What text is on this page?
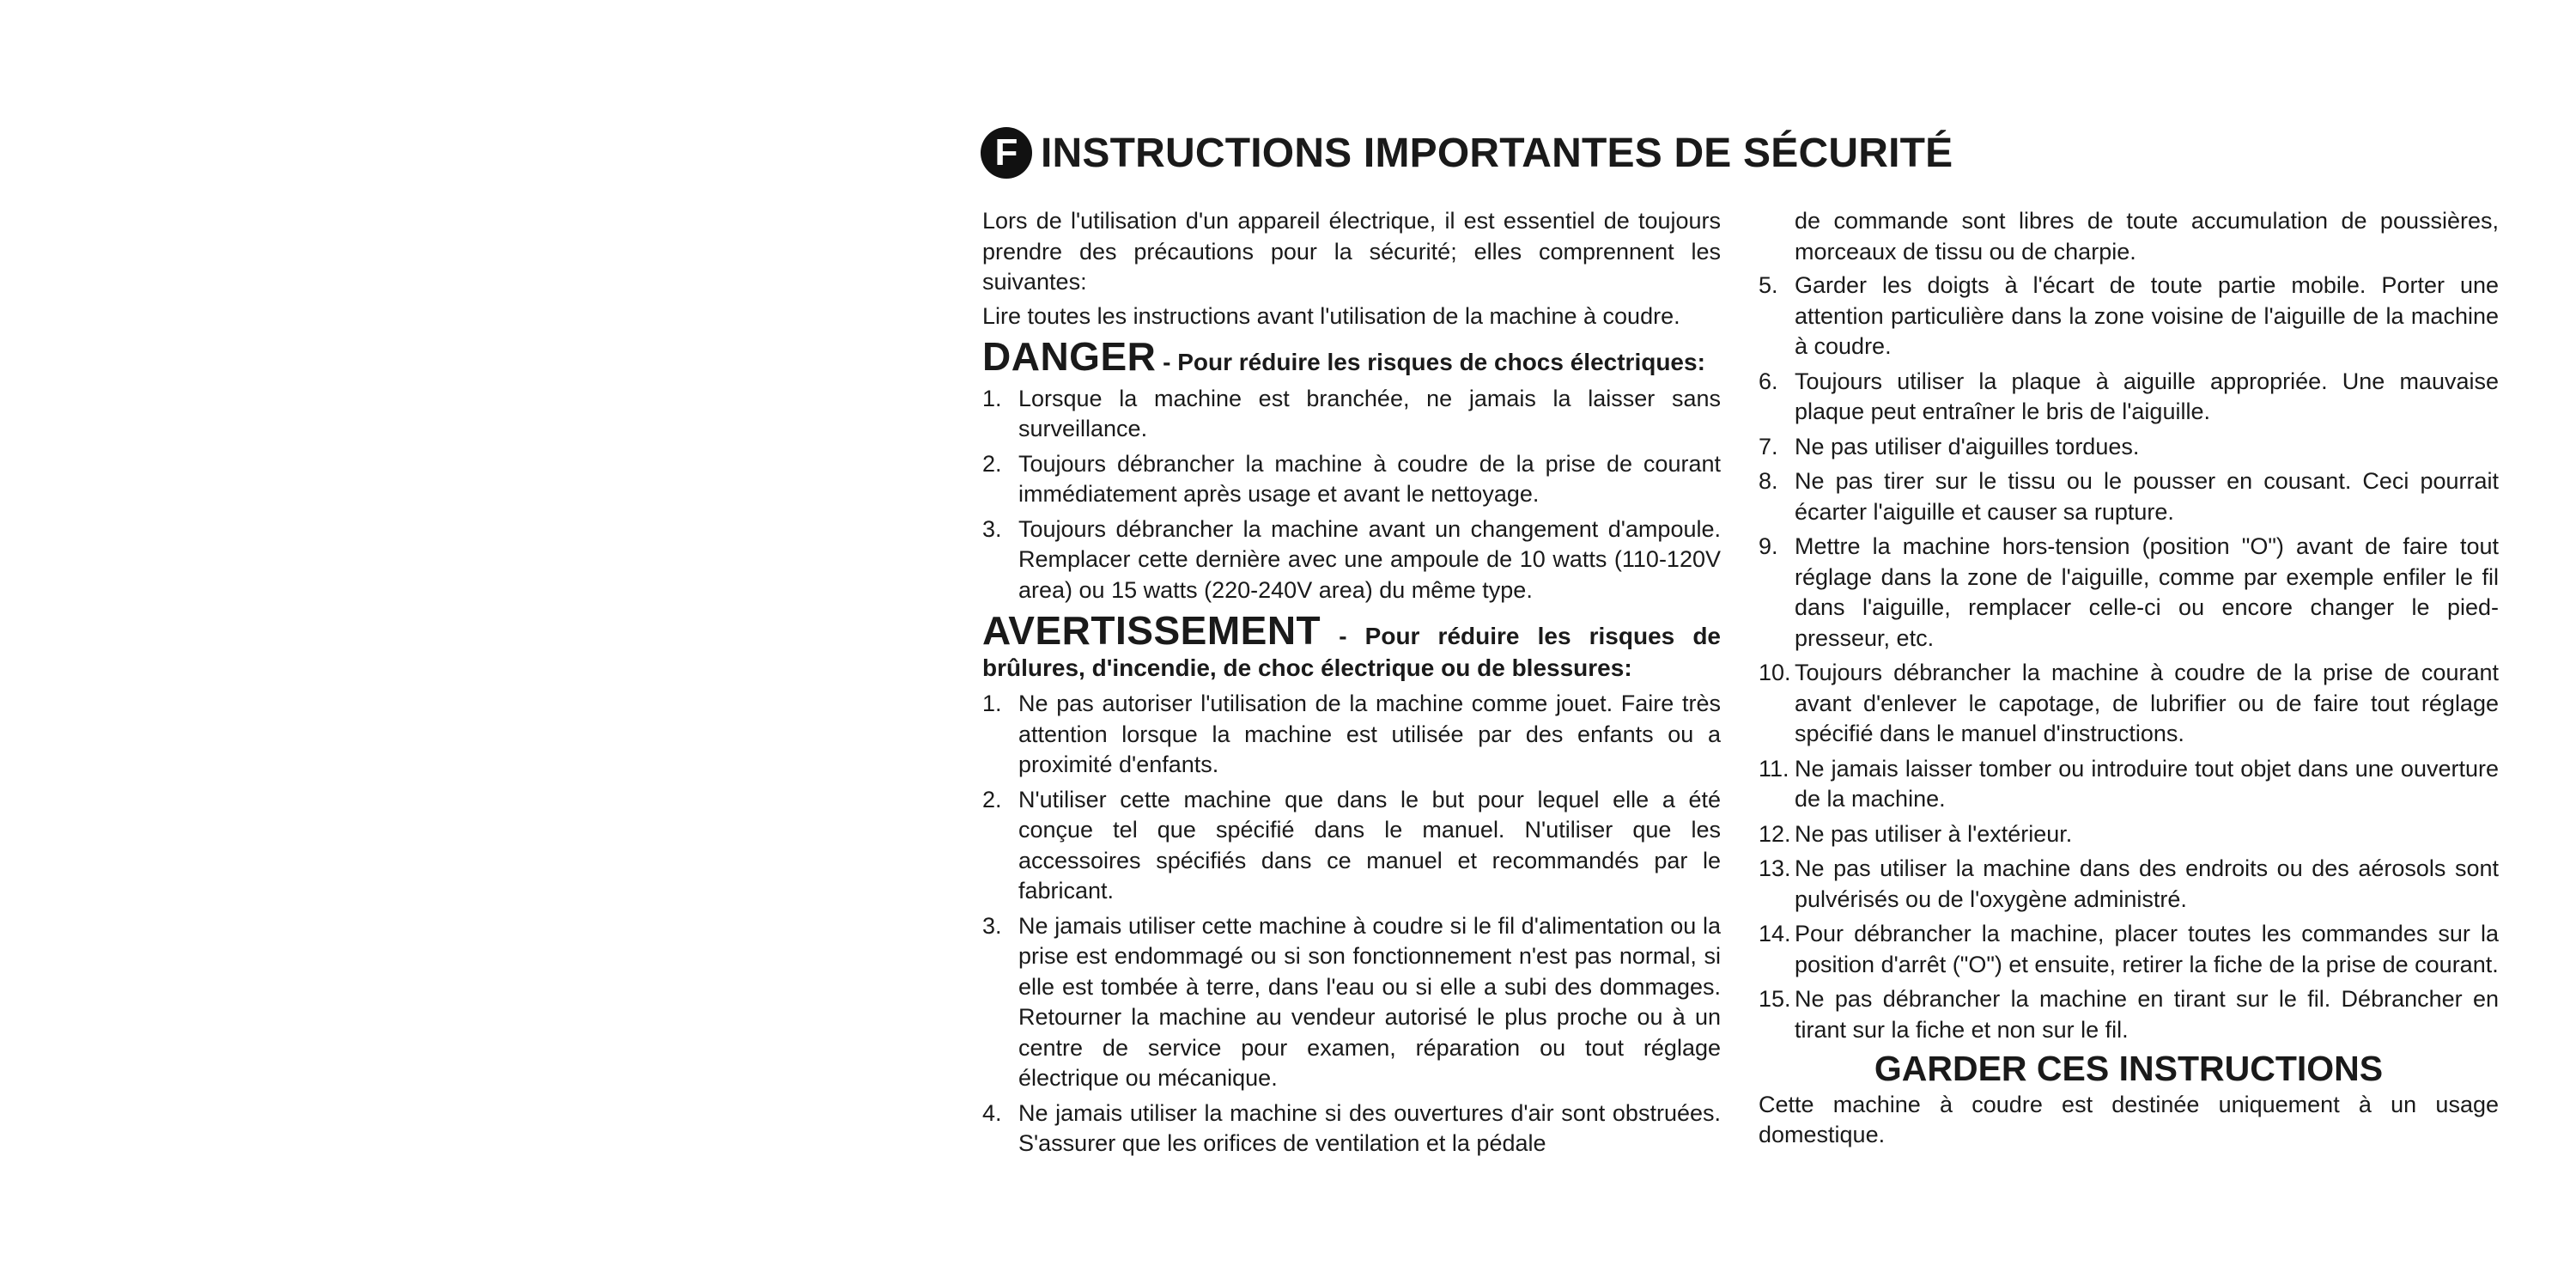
F INSTRUCTIONS IMPORTANTES DE SÉCURITÉ

Lors de l'utilisation d'un appareil électrique, il est essentiel de toujours prendre des précautions pour la sécurité; elles comprennent les suivantes:

Lire toutes les instructions avant l'utilisation de la machine à coudre.

DANGER - Pour réduire les risques de chocs électriques:
1. Lorsque la machine est branchée, ne jamais la laisser sans surveillance.
2. Toujours débrancher la machine à coudre de la prise de courant immédiatement après usage et avant le nettoyage.
3. Toujours débrancher la machine avant un changement d'ampoule. Remplacer cette dernière avec une ampoule de 10 watts (110-120V area) ou 15 watts (220-240V area) du même type.
AVERTISSEMENT - Pour réduire les risques de brûlures, d'incendie, de choc électrique ou de blessures:
1. Ne pas autoriser l'utilisation de la machine comme jouet. Faire très attention lorsque la machine est utilisée par des enfants ou a proximité d'enfants.
2. N'utiliser cette machine que dans le but pour lequel elle a été conçue tel que spécifié dans le manuel. N'utiliser que les accessoires spécifiés dans ce manuel et recommandés par le fabricant.
3. Ne jamais utiliser cette machine à coudre si le fil d'alimentation ou la prise est endommagé ou si son fonctionnement n'est pas normal, si elle est tombée à terre, dans l'eau ou si elle a subi des dommages. Retourner la machine au vendeur autorisé le plus proche ou à un centre de service pour examen, réparation ou tout réglage électrique ou mécanique.
4. Ne jamais utiliser la machine si des ouvertures d'air sont obstruées. S'assurer que les orifices de ventilation et la pédale

de commande sont libres de toute accumulation de poussières, morceaux de tissu ou de charpie.

5. Garder les doigts à l'écart de toute partie mobile. Porter une attention particulière dans la zone voisine de l'aiguille de la machine à coudre.
6. Toujours utiliser la plaque à aiguille appropriée. Une mauvaise plaque peut entraîner le bris de l'aiguille.
7. Ne pas utiliser d'aiguilles tordues.
8. Ne pas tirer sur le tissu ou le pousser en cousant. Ceci pourrait écarter l'aiguille et causer sa rupture.
9. Mettre la machine hors-tension (position "O") avant de faire tout réglage dans la zone de l'aiguille, comme par exemple enfiler le fil dans l'aiguille, remplacer celle-ci ou encore changer le pied-presseur, etc.
10. Toujours débrancher la machine à coudre de la prise de courant avant d'enlever le capotage, de lubrifier ou de faire tout réglage spécifié dans le manuel d'instructions.
11. Ne jamais laisser tomber ou introduire tout objet dans une ouverture de la machine.
12. Ne pas utiliser à l'extérieur.
13. Ne pas utiliser la machine dans des endroits ou des aérosols sont pulvérisés ou de l'oxygène administré.
14. Pour débrancher la machine, placer toutes les commandes sur la position d'arrêt ("O") et ensuite, retirer la fiche de la prise de courant.
15. Ne pas débrancher la machine en tirant sur le fil. Débrancher en tirant sur la fiche et non sur le fil.
GARDER CES INSTRUCTIONS

Cette machine à coudre est destinée uniquement à un usage domestique.
